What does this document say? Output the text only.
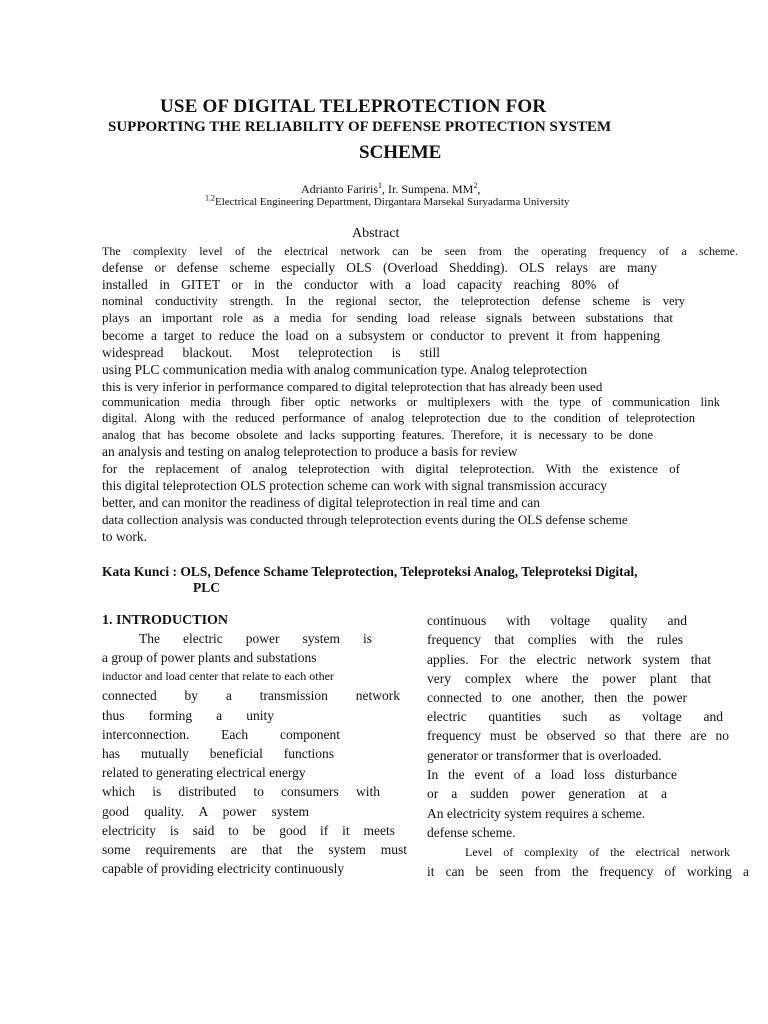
USE OF DIGITAL TELEPROTECTION FOR
SUPPORTING THE RELIABILITY OF DEFENSE PROTECTION SYSTEM
SCHEME
Adrianto Fariris$^1$, Ir. Sumpena. $MM^2$,
$^{1,2}$Electrical Engineering Department, Dirgantara Marsekal Suryadarma University
Abstract
The complexity level of the electrical network can be seen from the operating frequency of a scheme.
defense or defense scheme especially OLS (Overload Shedding). OLS relays are many
installed in GITET or in the conductor with a load capacity reaching 80% of
nominal conductivity strength. In the regional sector, the teleprotection defense scheme is very
plays an important role as a media for sending load release signals between substations that
become a target to reduce the load on a subsystem or conductor to prevent it from happening
widespread blackout. Most teleprotection is still
using PLC communication media with analog communication type. Analog teleprotection
this is very inferior in performance compared to digital teleprotection that has already been used
communication media through fiber optic networks or multiplexers with the type of communication link
digital. Along with the reduced performance of analog teleprotection due to the condition of teleprotection
analog that has become obsolete and lacks supporting features. Therefore, it is necessary to be done
an analysis and testing on analog teleprotection to produce a basis for review
for the replacement of analog teleprotection with digital teleprotection. With the existence of
this digital teleprotection OLS protection scheme can work with signal transmission accuracy
better, and can monitor the readiness of digital teleprotection in real time and can
data collection analysis was conducted through teleprotection events during the OLS defense scheme
to work.
Kata Kunci : OLS, Defence Schame Teleprotection, Teleproteksi Analog, Teleproteksi Digital,
PLC
1. INTRODUCTION
The electric power system is
a group of power plants and substations
inductor and load center that relate to each other
connected by a transmission network
thus forming a unity
interconnection. Each component
has mutually beneficial functions
related to generating electrical energy
which is distributed to consumers with
good quality. A power system
electricity is said to be good if it meets
some requirements are that the system must
capable of providing electricity continuously
continuous with voltage quality and
frequency that complies with the rules
applies. For the electric network system that
very complex where the power plant that
connected to one another, then the power
electric quantities such as voltage and
frequency must be observed so that there are no
generator or transformer that is overloaded.
In the event of a load loss disturbance
or a sudden power generation at a
An electricity system requires a scheme.
defense scheme.
Level of complexity of the electrical network
it can be seen from the frequency of working a
